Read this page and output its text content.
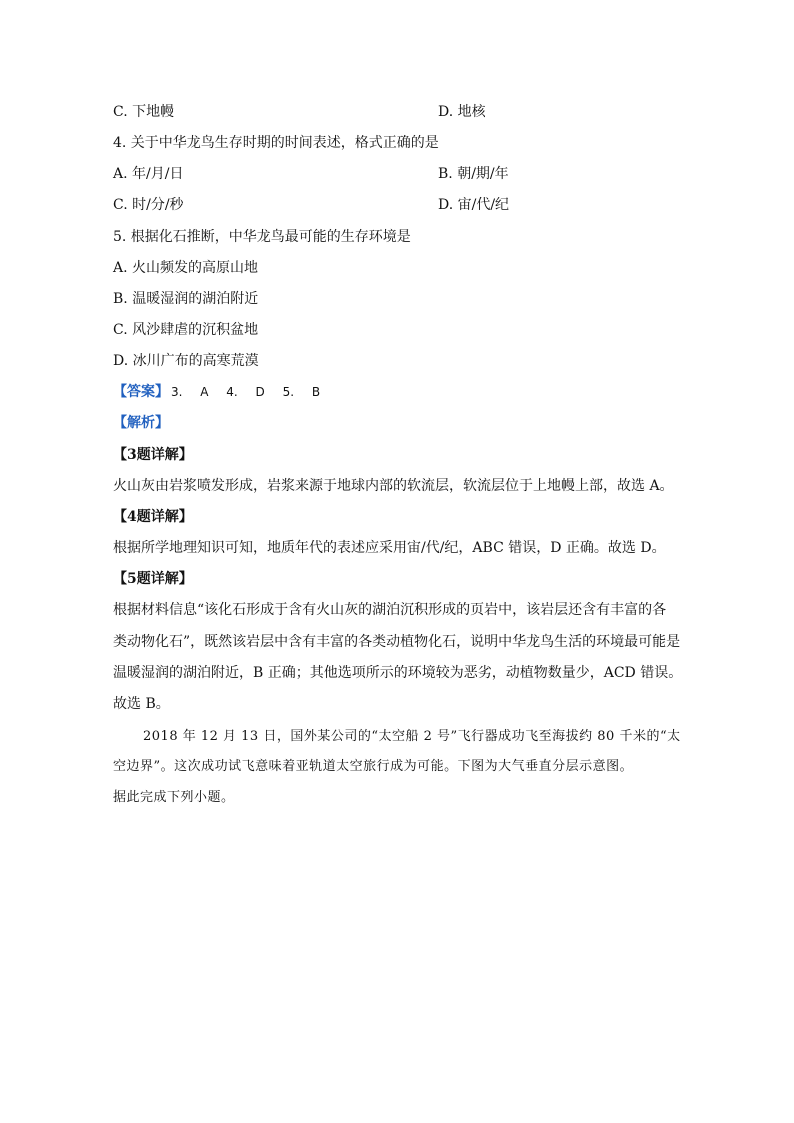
C. 下地幔	D. 地核
4. 关于中华龙鸟生存时期的时间表述，格式正确的是
A. 年/月/日	B. 朝/期/年
C. 时/分/秒	D. 宙/代/纪
5. 根据化石推断，中华龙鸟最可能的生存环境是
A. 火山频发的高原山地
B. 温暖湿润的湖泊附近
C. 风沙肆虐的沉积盆地
D. 冰川广布的高寒荒漠
【答案】 3. A 4. D 5. B
【解析】
【3题详解】
火山灰由岩浆喷发形成，岩浆来源于地球内部的软流层，软流层位于上地幔上部，故选 A。
【4题详解】
根据所学地理知识可知，地质年代的表述应采用宙/代/纪，ABC 错误，D 正确。故选 D。
【5题详解】
根据材料信息“该化石形成于含有火山灰的湖泊沉积形成的页岩中，该岩层还含有丰富的各
类动物化石”，既然该岩层中含有丰富的各类动植物化石，说明中华龙鸟生活的环境最可能是
温暖湿润的湖泊附近，B 正确；其他选项所示的环境较为恶劣，动植物数量少，ACD 错误。
故选 B。
2018 年 12 月 13 日，国外某公司的“太空船 2 号”飞行器成功飞至海拔约 80 千米的“太
空边界”。这次成功试飞意味着亚轨道太空旅行成为可能。下图为大气垂直分层示意图。
据此完成下列小题。
